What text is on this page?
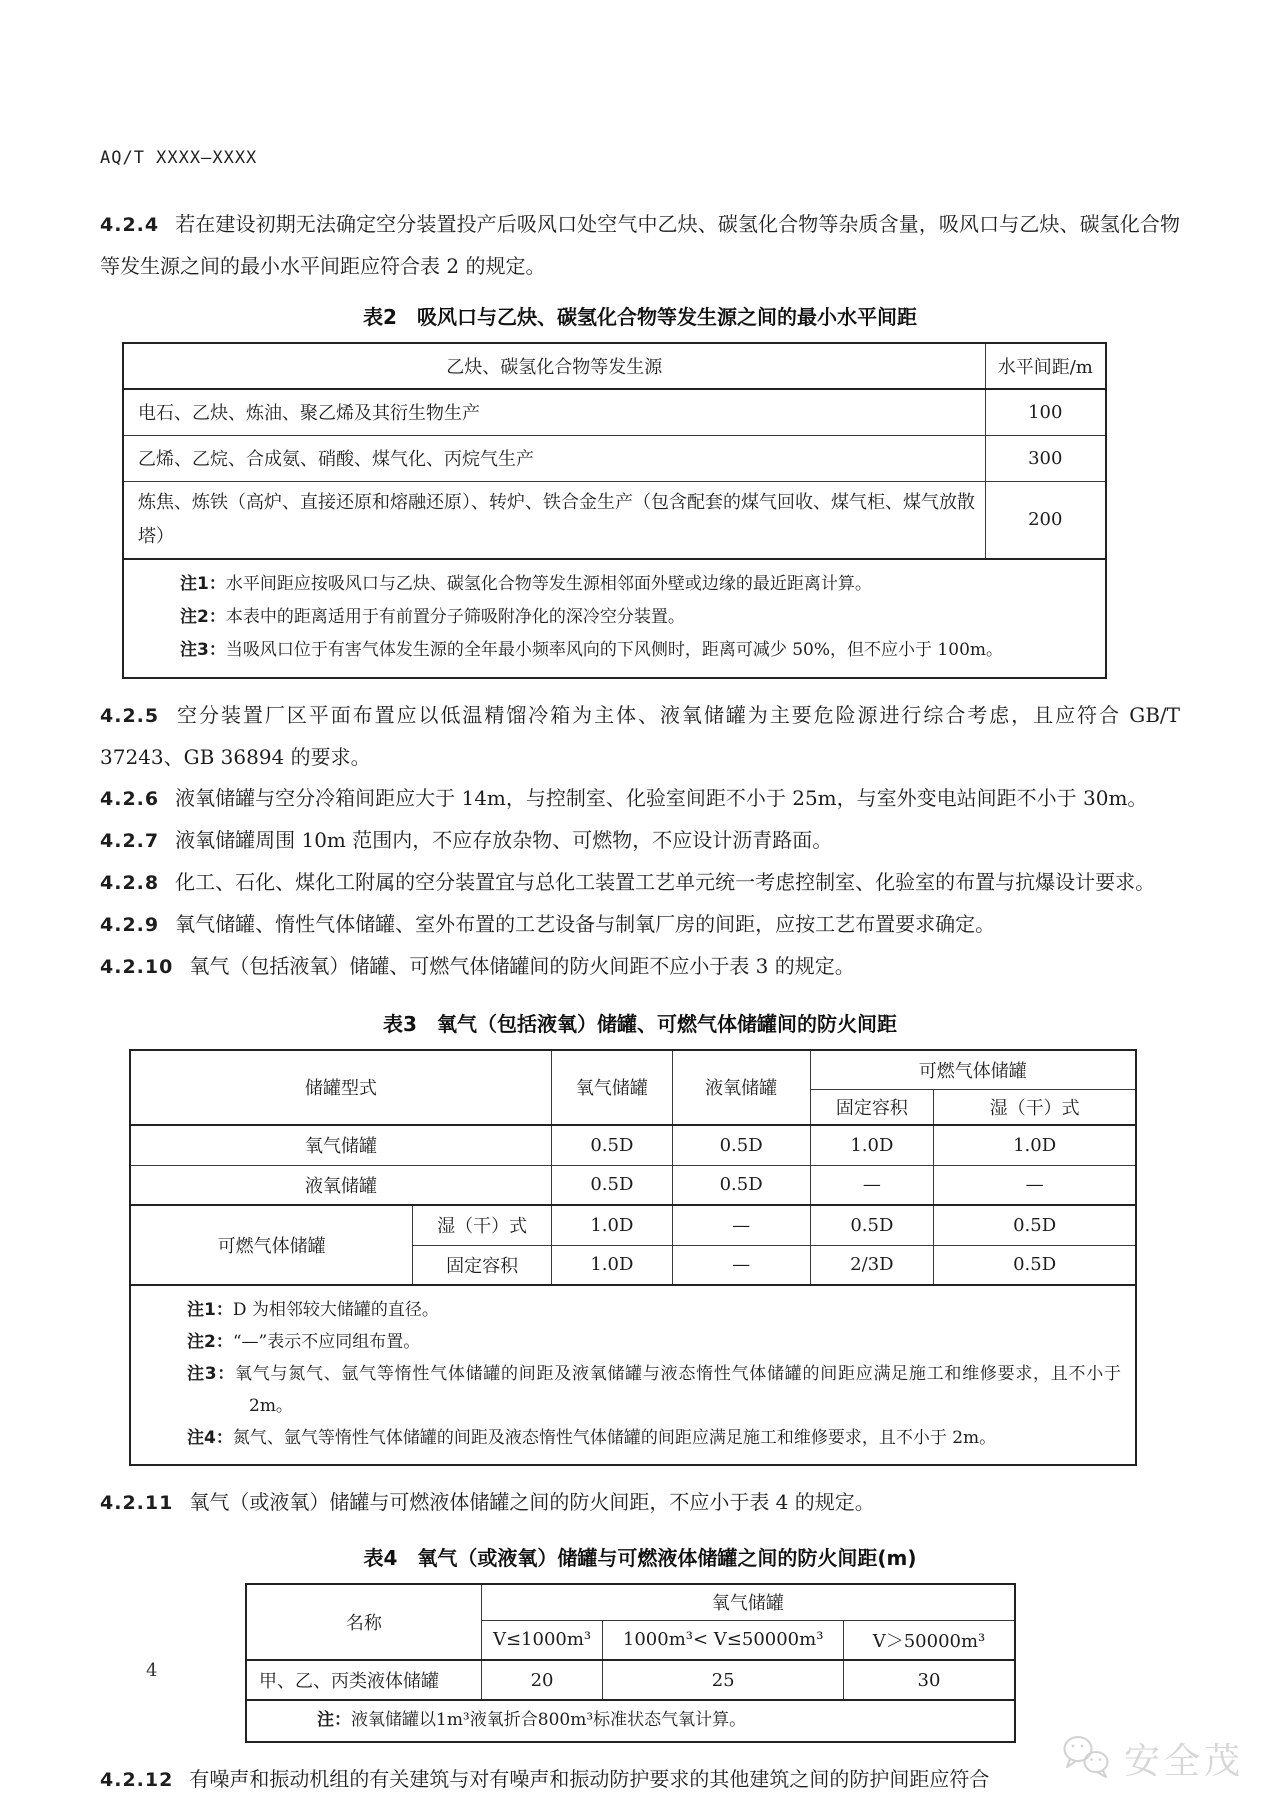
AQ/T XXXX—XXXX

4.2.4 若在建设初期无法确定空分装置投产后吸风口处空气中乙炔、碳氢化合物等杂质含量，吸风口与乙炔、碳氢化合物等发生源之间的最小水平间距应符合表 2 的规定。

表2　吸风口与乙炔、碳氢化合物等发生源之间的最小水平间距
乙炔、碳氢化合物等发生源	水平间距/m
电石、乙炔、炼油、聚乙烯及其衍生物生产	100
乙烯、乙烷、合成氨、硝酸、煤气化、丙烷气生产	300
炼焦、炼铁（高炉、直接还原和熔融还原）、转炉、铁合金生产（包含配套的煤气回收、煤气柜、煤气放散塔）	200

注1：水平间距应按吸风口与乙炔、碳氢化合物等发生源相邻面外壁或边缘的最近距离计算。
注2：本表中的距离适用于有前置分子筛吸附净化的深冷空分装置。
注3：当吸风口位于有害气体发生源的全年最小频率风向的下风侧时，距离可减少 50%，但不应小于 100m。	

4.2.5 空分装置厂区平面布置应以低温精馏冷箱为主体、液氧储罐为主要危险源进行综合考虑，且应符合 GB/T 37243、GB 36894 的要求。

4.2.6 液氧储罐与空分冷箱间距应大于 14m，与控制室、化验室间距不小于 25m，与室外变电站间距不小于 30m。

4.2.7 液氧储罐周围 10m 范围内，不应存放杂物、可燃物，不应设计沥青路面。

4.2.8 化工、石化、煤化工附属的空分装置宜与总化工装置工艺单元统一考虑控制室、化验室的布置与抗爆设计要求。

4.2.9 氧气储罐、惰性气体储罐、室外布置的工艺设备与制氧厂房的间距，应按工艺布置要求确定。

4.2.10 氧气（包括液氧）储罐、可燃气体储罐间的防火间距不应小于表 3 的规定。

表3　氧气（包括液氧）储罐、可燃气体储罐间的防火间距
储罐型式		氧气储罐	液氧储罐	可燃气体储罐	
				固定容积	湿（干）式
氧气储罐		0.5D	0.5D	1.0D	1.0D
液氧储罐		0.5D	0.5D	—	—
可燃气体储罐	湿（干）式	1.0D	—	0.5D	0.5D
	固定容积	1.0D	—	2/3D	0.5D

注1：D 为相邻较大储罐的直径。
注2：“—”表示不应同组布置。
注3：氧气与氮气、氩气等惰性气体储罐的间距及液氧储罐与液态惰性气体储罐的间距应满足施工和维修要求，且不小于 2m。
注4：氮气、氩气等惰性气体储罐的间距及液态惰性气体储罐的间距应满足施工和维修要求，且不小于 2m。					

4.2.11 氧气（或液氧）储罐与可燃液体储罐之间的防火间距，不应小于表 4 的规定。

表4　氧气（或液氧）储罐与可燃液体储罐之间的防火间距(m)
名称	氧气储罐		
	V≤1000m³	1000m³< V≤50000m³	V＞50000m³
甲、乙、丙类液体储罐	20	25	30

注：液氧储罐以1m³液氧折合800m³标准状态气氧计算。			

4.2.12 有噪声和振动机组的有关建筑与对有噪声和振动防护要求的其他建筑之间的防护间距应符合

4
安全茂
